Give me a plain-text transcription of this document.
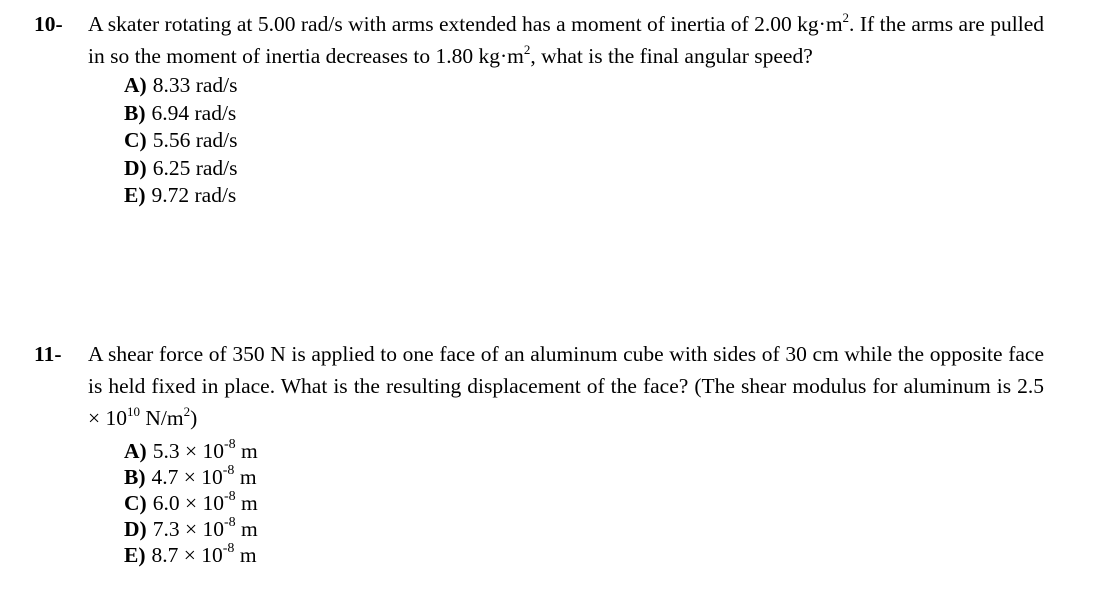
10- A skater rotating at 5.00 rad/s with arms extended has a moment of inertia of 2.00 $kg\cdot m^2$. If the arms are pulled in so the moment of inertia decreases to 1.80 $kg\cdot m^2$, what is the final angular speed?
A) 8.33 rad/s
B) 6.94 rad/s
C) 5.56 rad/s
D) 6.25 rad/s
E) 9.72 rad/s
11- A shear force of 350 N is applied to one face of an aluminum cube with sides of 30 cm while the opposite face is held fixed in place. What is the resulting displacement of the face? (The shear modulus for aluminum is $2.5 \times 10^{10}$ $N/m^2$)
A) $5.3 \times 10^{-8}$ m
B) $4.7 \times 10^{-8}$ m
C) $6.0 \times 10^{-8}$ m
D) $7.3 \times 10^{-8}$ m
E) $8.7 \times 10^{-8}$ m
